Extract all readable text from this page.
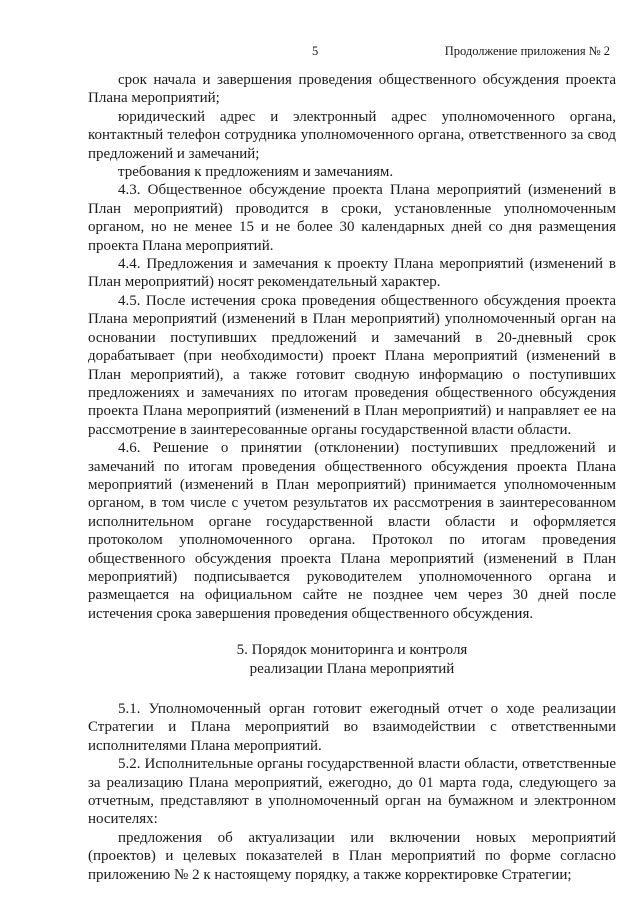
5	Продолжение приложения № 2

срок начала и завершения проведения общественного обсуждения проекта Плана мероприятий;

юридический адрес и электронный адрес уполномоченного органа, контактный телефон сотрудника уполномоченного органа, ответственного за свод предложений и замечаний;

требования к предложениям и замечаниям.

4.3. Общественное обсуждение проекта Плана мероприятий (изменений в План мероприятий) проводится в сроки, установленные уполномоченным органом, но не менее 15 и не более 30 календарных дней со дня размещения проекта Плана мероприятий.

4.4. Предложения и замечания к проекту Плана мероприятий (изменений в План мероприятий) носят рекомендательный характер.

4.5. После истечения срока проведения общественного обсуждения проекта Плана мероприятий (изменений в План мероприятий) уполномоченный орган на основании поступивших предложений и замечаний в 20-дневный срок дорабатывает (при необходимости) проект Плана мероприятий (изменений в План мероприятий), а также готовит сводную информацию о поступивших предложениях и замечаниях по итогам проведения общественного обсуждения проекта Плана мероприятий (изменений в План мероприятий) и направляет ее на рассмотрение в заинтересованные органы государственной власти области.

4.6. Решение о принятии (отклонении) поступивших предложений и замечаний по итогам проведения общественного обсуждения проекта Плана мероприятий (изменений в План мероприятий) принимается уполномоченным органом, в том числе с учетом результатов их рассмотрения в заинтересованном исполнительном органе государственной власти области и оформляется протоколом уполномоченного органа. Протокол по итогам проведения общественного обсуждения проекта Плана мероприятий (изменений в План мероприятий) подписывается руководителем уполномоченного органа и размещается на официальном сайте не позднее чем через 30 дней после истечения срока завершения проведения общественного обсуждения.

5. Порядок мониторинга и контроля

реализации Плана мероприятий

5.1. Уполномоченный орган готовит ежегодный отчет о ходе реализации Стратегии и Плана мероприятий во взаимодействии с ответственными исполнителями Плана мероприятий.

5.2. Исполнительные органы государственной власти области, ответственные за реализацию Плана мероприятий, ежегодно, до 01 марта года, следующего за отчетным, представляют в уполномоченный орган на бумажном и электронном носителях:

предложения об актуализации или включении новых мероприятий (проектов) и целевых показателей в План мероприятий по форме согласно приложению № 2 к настоящему порядку, а также корректировке Стратегии;
